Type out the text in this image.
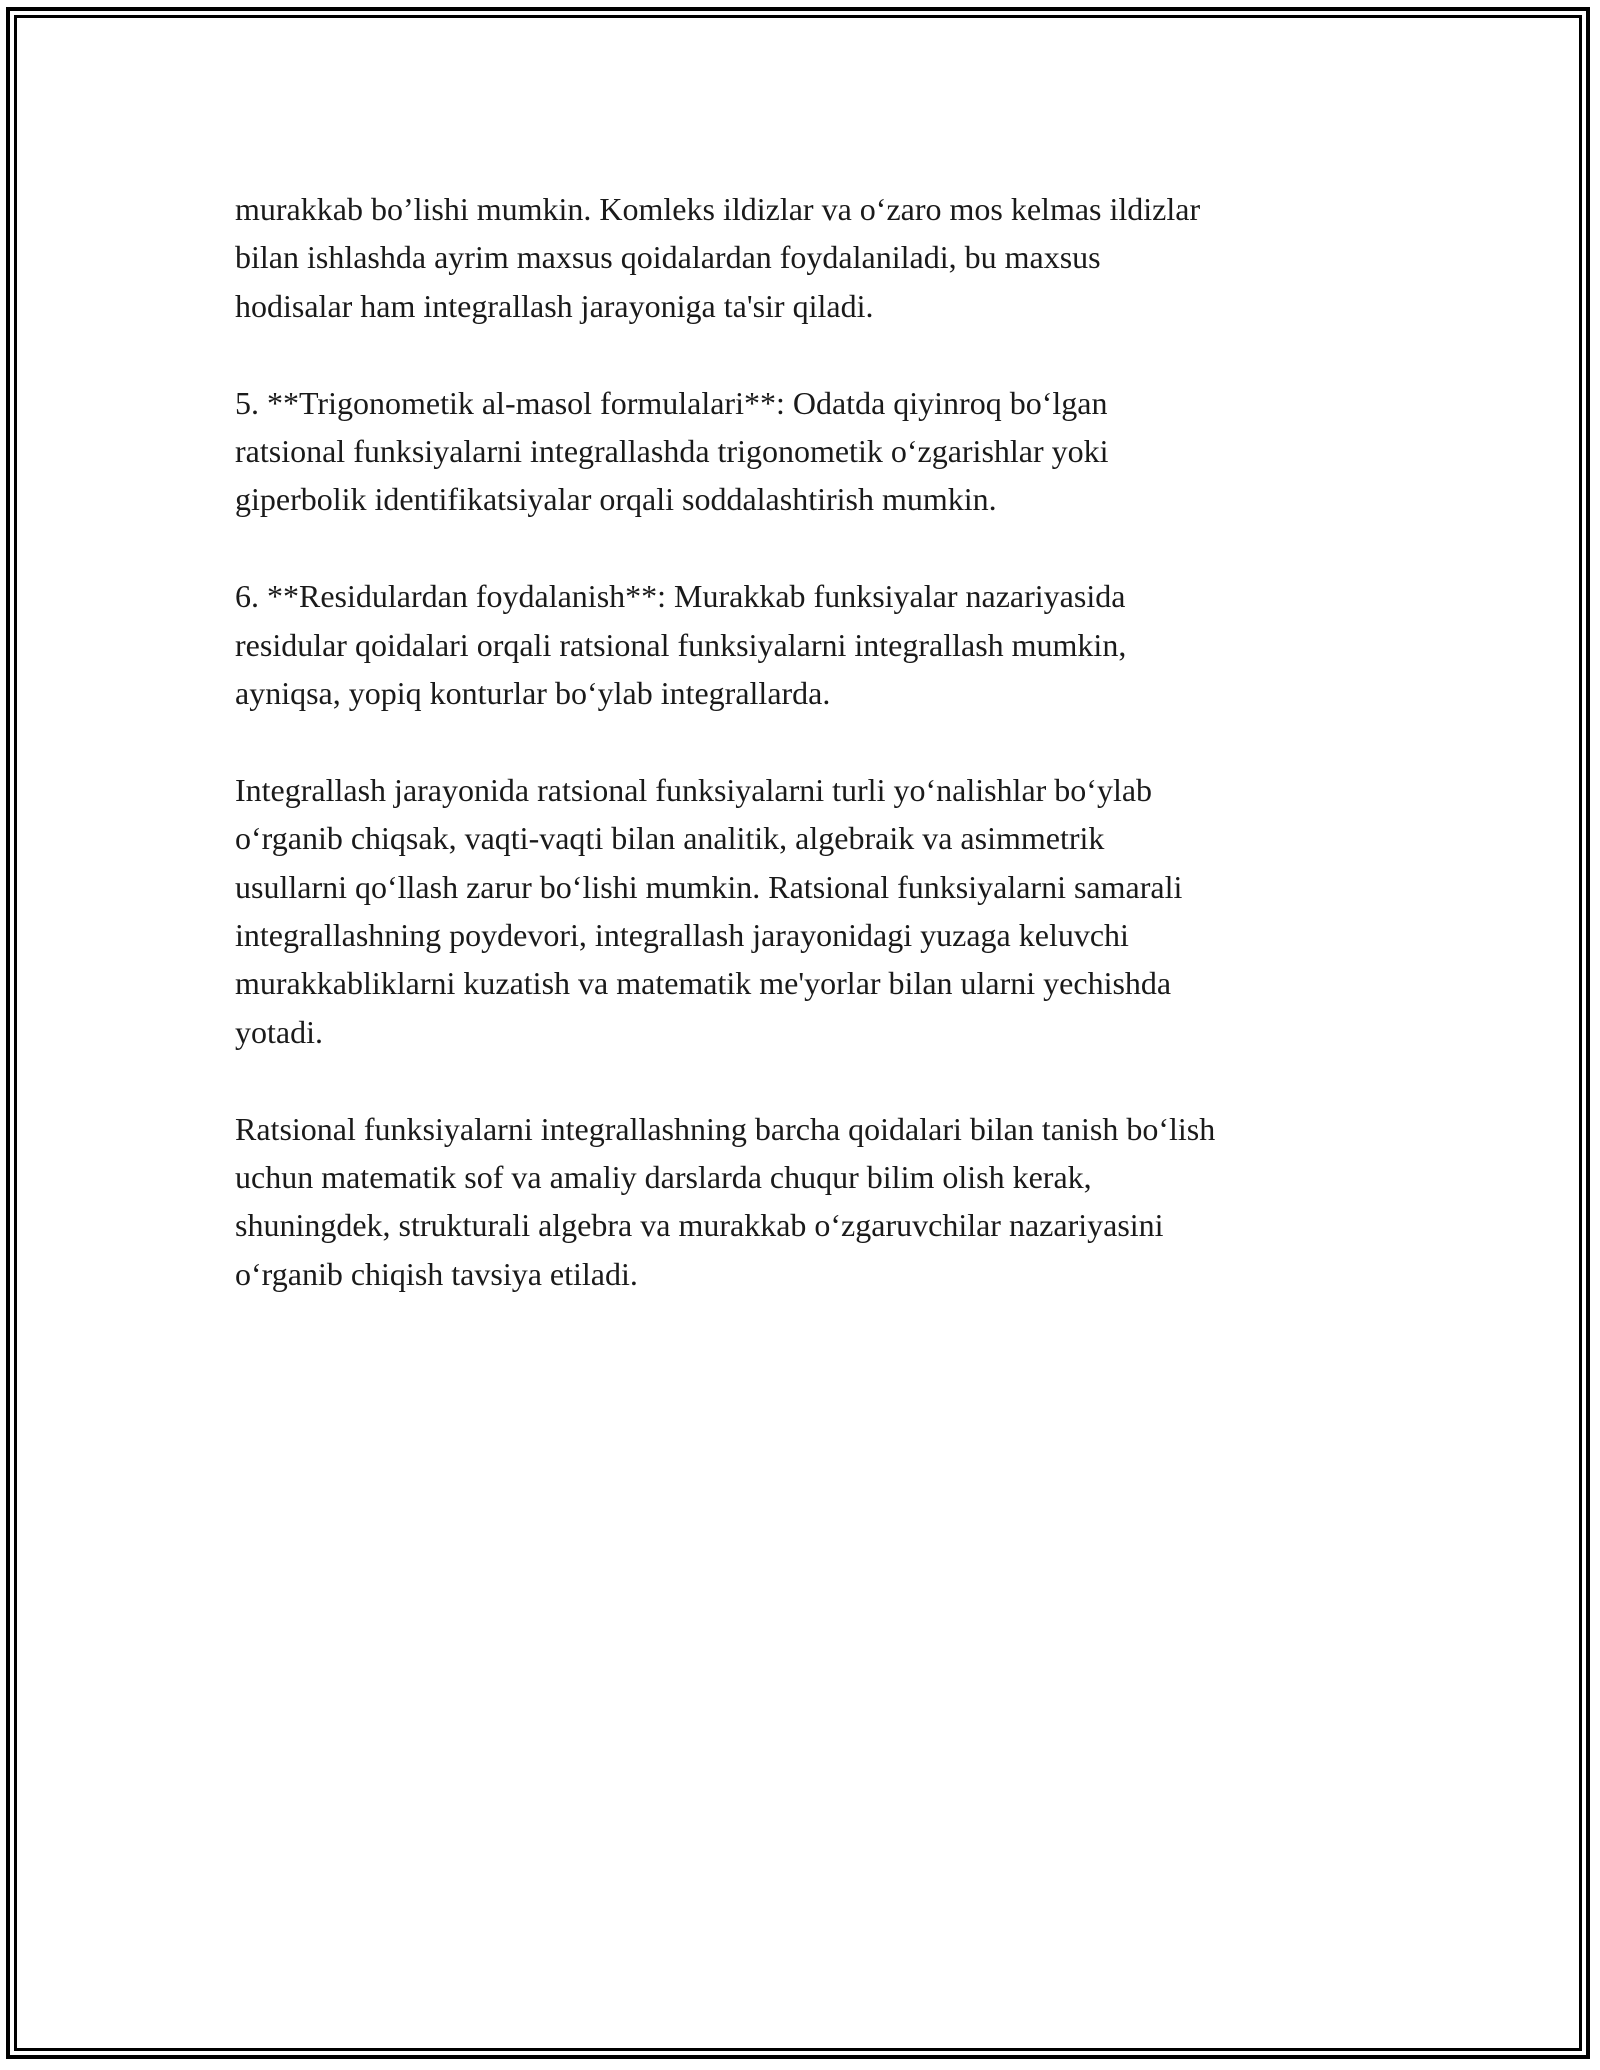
murakkab bo’lishi mumkin. Komleks ildizlar va o‘zaro mos kelmas ildizlar
bilan ishlashda ayrim maxsus qoidalardan foydalaniladi, bu maxsus
hodisalar ham integrallash jarayoniga ta'sir qiladi.

5. **Trigonometik al-masol formulalari**: Odatda qiyinroq bo‘lgan
ratsional funksiyalarni integrallashda trigonometik o‘zgarishlar yoki
giperbolik identifikatsiyalar orqali soddalashtirish mumkin.

6. **Residulardan foydalanish**: Murakkab funksiyalar nazariyasida
residular qoidalari orqali ratsional funksiyalarni integrallash mumkin,
ayniqsa, yopiq konturlar bo‘ylab integrallarda.

Integrallash jarayonida ratsional funksiyalarni turli yo‘nalishlar bo‘ylab
o‘rganib chiqsak, vaqti-vaqti bilan analitik, algebraik va asimmetrik
usullarni qo‘llash zarur bo‘lishi mumkin. Ratsional funksiyalarni samarali
integrallashning poydevori, integrallash jarayonidagi yuzaga keluvchi
murakkabliklarni kuzatish va matematik me'yorlar bilan ularni yechishda
yotadi.

Ratsional funksiyalarni integrallashning barcha qoidalari bilan tanish bo‘lish
uchun matematik sof va amaliy darslarda chuqur bilim olish kerak,
shuningdek, strukturali algebra va murakkab o‘zgaruvchilar nazariyasini
o‘rganib chiqish tavsiya etiladi.
